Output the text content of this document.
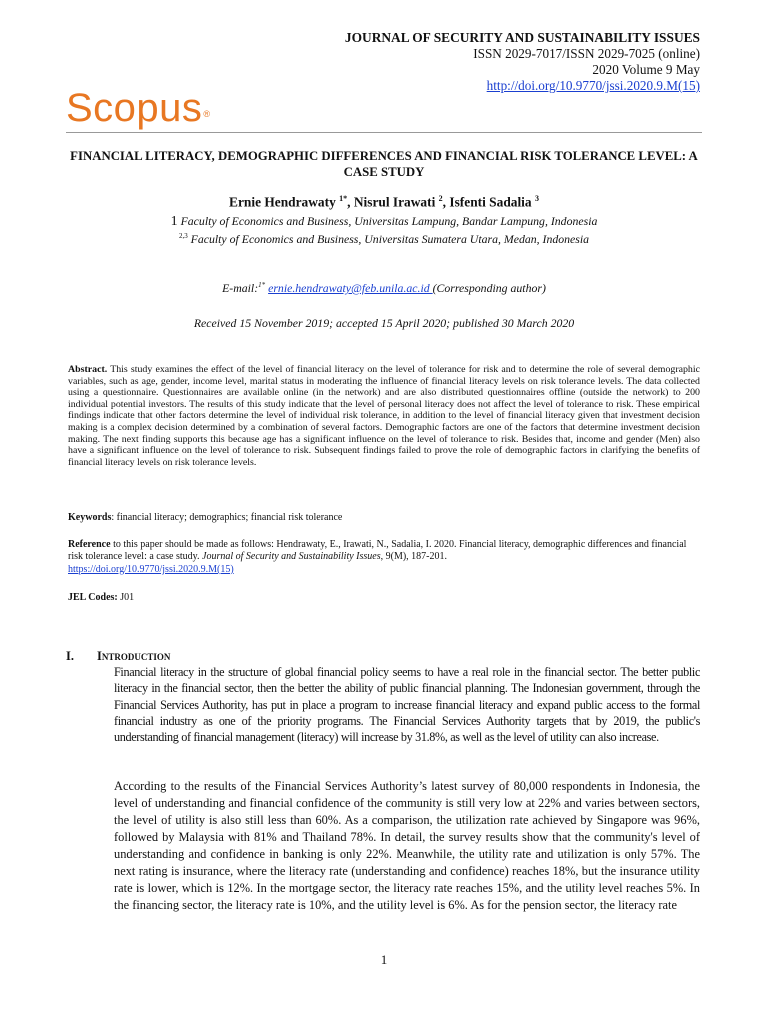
JOURNAL OF SECURITY AND SUSTAINABILITY ISSUES
ISSN 2029-7017/ISSN 2029-7025 (online)
2020 Volume 9 May
http://doi.org/10.9770/jssi.2020.9.M(15)
Scopus®
FINANCIAL LITERACY, DEMOGRAPHIC DIFFERENCES AND FINANCIAL RISK TOLERANCE LEVEL: A CASE STUDY
Ernie Hendrawaty $^{1*}$, Nisrul Irawati $^2$, Isfenti Sadalia $^3$
1 Faculty of Economics and Business, Universitas Lampung, Bandar Lampung, Indonesia
$^{2,3}$ Faculty of Economics and Business, Universitas Sumatera Utara, Medan, Indonesia
E-mail:$^{1*}$ ernie.hendrawaty@feb.unila.ac.id (Corresponding author)
Received 15 November 2019; accepted 15 April 2020; published 30 March 2020
Abstract. This study examines the effect of the level of financial literacy on the level of tolerance for risk and to determine the role of several demographic variables, such as age, gender, income level, marital status in moderating the influence of financial literacy levels on risk tolerance levels. The data collected using a questionnaire. Questionnaires are available online (in the network) and are also distributed questionnaires offline (outside the network) to 200 individual potential investors. The results of this study indicate that the level of personal literacy does not affect the level of tolerance to risk. These empirical findings indicate that other factors determine the level of individual risk tolerance, in addition to the level of financial literacy given that investment decision making is a complex decision determined by a combination of several factors. Demographic factors are one of the factors that determine investment decision making. The next finding supports this because age has a significant influence on the level of tolerance to risk. Besides that, income and gender (Men) also have a significant influence on the level of tolerance to risk. Subsequent findings failed to prove the role of demographic factors in clarifying the benefits of financial literacy levels on risk tolerance levels.
Keywords: financial literacy; demographics; financial risk tolerance
Reference to this paper should be made as follows: Hendrawaty, E., Irawati, N., Sadalia, I. 2020. Financial literacy, demographic differences and financial risk tolerance level: a case study. Journal of Security and Sustainability Issues, 9(M), 187-201.
https://doi.org/10.9770/jssi.2020.9.M(15)
JEL Codes: J01
I. Introduction
Financial literacy in the structure of global financial policy seems to have a real role in the financial sector. The better public literacy in the financial sector, then the better the ability of public financial planning. The Indonesian government, through the Financial Services Authority, has put in place a program to increase financial literacy and expand public access to the formal financial industry as one of the priority programs. The Financial Services Authority targets that by 2019, the public's understanding of financial management (literacy) will increase by 31.8%, as well as the level of utility can also increase.
According to the results of the Financial Services Authority’s latest survey of 80,000 respondents in Indonesia, the level of understanding and financial confidence of the community is still very low at 22% and varies between sectors, the level of utility is also still less than 60%. As a comparison, the utilization rate achieved by Singapore was 96%, followed by Malaysia with 81% and Thailand 78%. In detail, the survey results show that the community's level of understanding and confidence in banking is only 22%. Meanwhile, the utility rate and utilization is only 57%. The next rating is insurance, where the literacy rate (understanding and confidence) reaches 18%, but the insurance utility rate is lower, which is 12%. In the mortgage sector, the literacy rate reaches 15%, and the utility level reaches 5%. In the financing sector, the literacy rate is 10%, and the utility level is 6%. As for the pension sector, the literacy rate
1
